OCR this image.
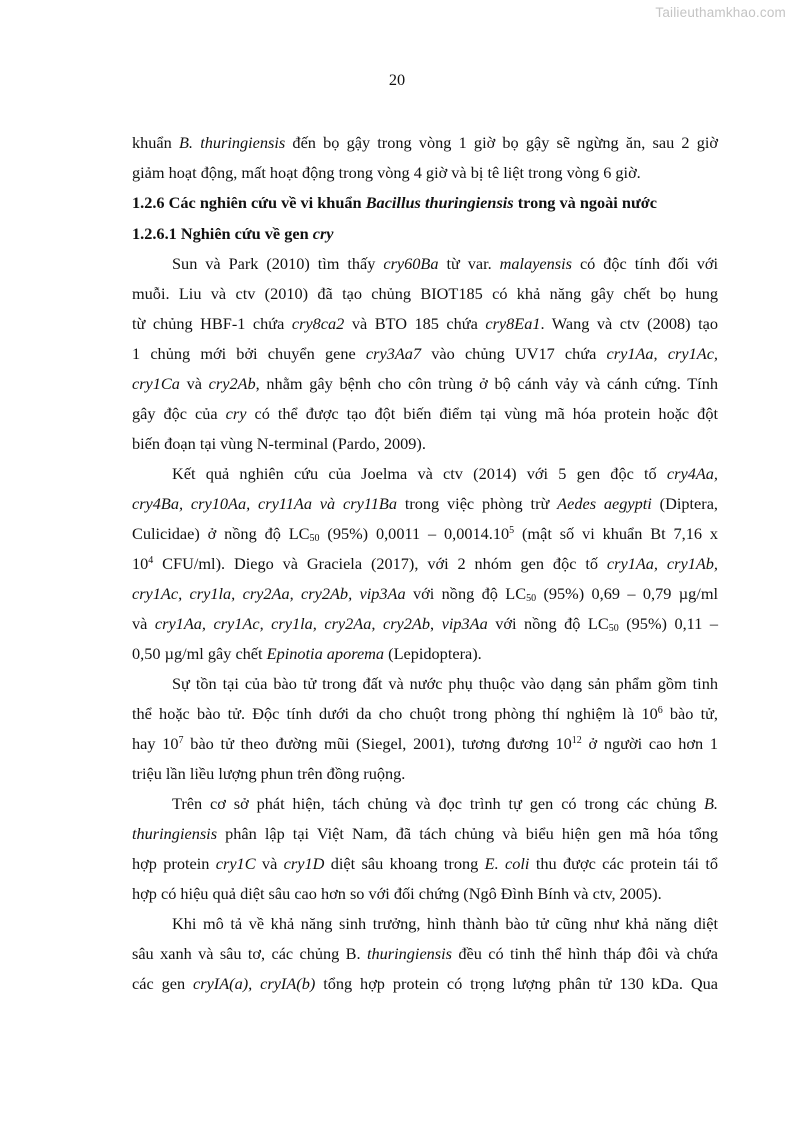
Tailieuthamkhao.com
20
khuẩn B. thuringiensis đến bọ gậy trong vòng 1 giờ bọ gậy sẽ ngừng ăn, sau 2 giờ
giảm hoạt động, mất hoạt động trong vòng 4 giờ và bị tê liệt trong vòng 6 giờ.
1.2.6 Các nghiên cứu về vi khuẩn Bacillus thuringiensis trong và ngoài nước
1.2.6.1 Nghiên cứu về gen cry
Sun và Park (2010) tìm thấy cry60Ba từ var. malayensis có độc tính đối với
muỗi. Liu và ctv (2010) đã tạo chủng BIOT185 có khả năng gây chết bọ hung
từ chủng HBF-1 chứa cry8ca2 và BTO 185 chứa cry8Ea1. Wang và ctv (2008) tạo
1 chủng mới bởi chuyển gene cry3Aa7 vào chủng UV17 chứa cry1Aa, cry1Ac,
cry1Ca và cry2Ab, nhằm gây bệnh cho côn trùng ở bộ cánh vảy và cánh cứng. Tính
gây độc của cry có thể được tạo đột biến điểm tại vùng mã hóa protein hoặc đột
biến đoạn tại vùng N-terminal (Pardo, 2009).
Kết quả nghiên cứu của Joelma và ctv (2014) với 5 gen độc tố cry4Aa,
cry4Ba, cry10Aa, cry11Aa và cry11Ba trong việc phòng trừ Aedes aegypti (Diptera,
Culicidae) ở nồng độ $LC_{50}$ (95%) 0,0011 – 0,0014.10$^5$ (mật số vi khuẩn Bt 7,16 x
$10^4$ CFU/ml). Diego và Graciela (2017), với 2 nhóm gen độc tố cry1Aa, cry1Ab,
cry1Ac, cry1la, cry2Aa, cry2Ab, vip3Aa với nồng độ $LC_{50}$ (95%) 0,69 – 0,79 µg/ml
và cry1Aa, cry1Ac, cry1la, cry2Aa, cry2Ab, vip3Aa với nồng độ $LC_{50}$ (95%) 0,11 –
0,50 µg/ml gây chết Epinotia aporema (Lepidoptera).
Sự tồn tại của bào tử trong đất và nước phụ thuộc vào dạng sản phẩm gồm tinh
thể hoặc bào tử. Độc tính dưới da cho chuột trong phòng thí nghiệm là $10^6$ bào tử,
hay $10^7$ bào tử theo đường mũi (Siegel, 2001), tương đương $10^{12}$ ở người cao hơn 1
triệu lần liều lượng phun trên đồng ruộng.
Trên cơ sở phát hiện, tách chủng và đọc trình tự gen có trong các chủng B.
thuringiensis phân lập tại Việt Nam, đã tách chủng và biểu hiện gen mã hóa tổng
hợp protein cry1C và cry1D diệt sâu khoang trong E. coli thu được các protein tái tổ
hợp có hiệu quả diệt sâu cao hơn so với đối chứng (Ngô Đình Bính và ctv, 2005).
Khi mô tả về khả năng sinh trưởng, hình thành bào tử cũng như khả năng diệt
sâu xanh và sâu tơ, các chủng B. thuringiensis đều có tinh thể hình tháp đôi và chứa
các gen cryIA(a), cryIA(b) tổng hợp protein có trọng lượng phân tử 130 kDa. Qua
